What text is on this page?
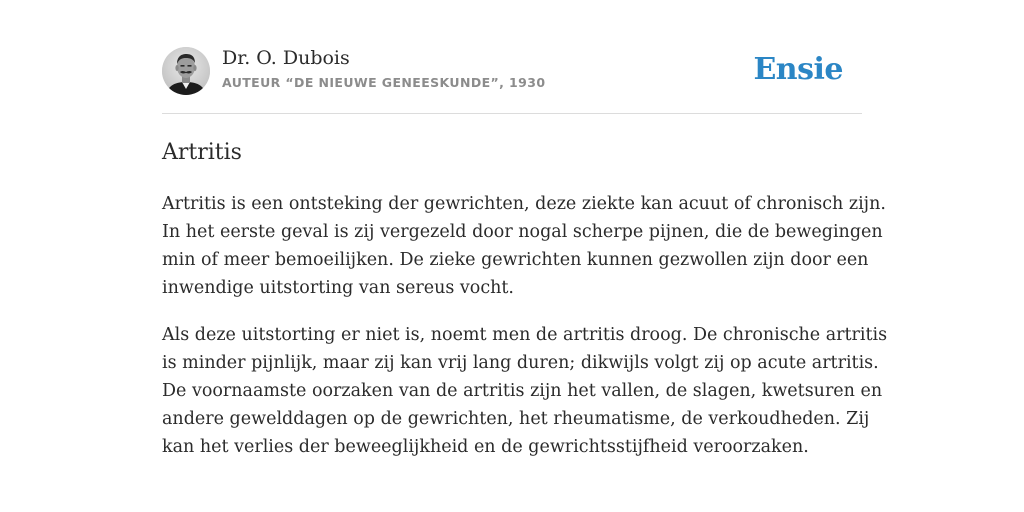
Dr. O. Dubois
AUTEUR “DE NIEUWE GENEESKUNDE”, 1930	Ensie
Artritis

Artritis is een ontsteking der gewrichten, deze ziekte kan acuut of chronisch zijn.
In het eerste geval is zij vergezeld door nogal scherpe pijnen, die de bewegingen
min of meer bemoeilijken. De zieke gewrichten kunnen gezwollen zijn door een
inwendige uitstorting van sereus vocht.

Als deze uitstorting er niet is, noemt men de artritis droog. De chronische artritis
is minder pijnlijk, maar zij kan vrij lang duren; dikwijls volgt zij op acute artritis.
De voornaamste oorzaken van de artritis zijn het vallen, de slagen, kwetsuren en
andere gewelddagen op de gewrichten, het rheumatisme, de verkoudheden. Zij
kan het verlies der beweeglijkheid en de gewrichtsstijfheid veroorzaken.
